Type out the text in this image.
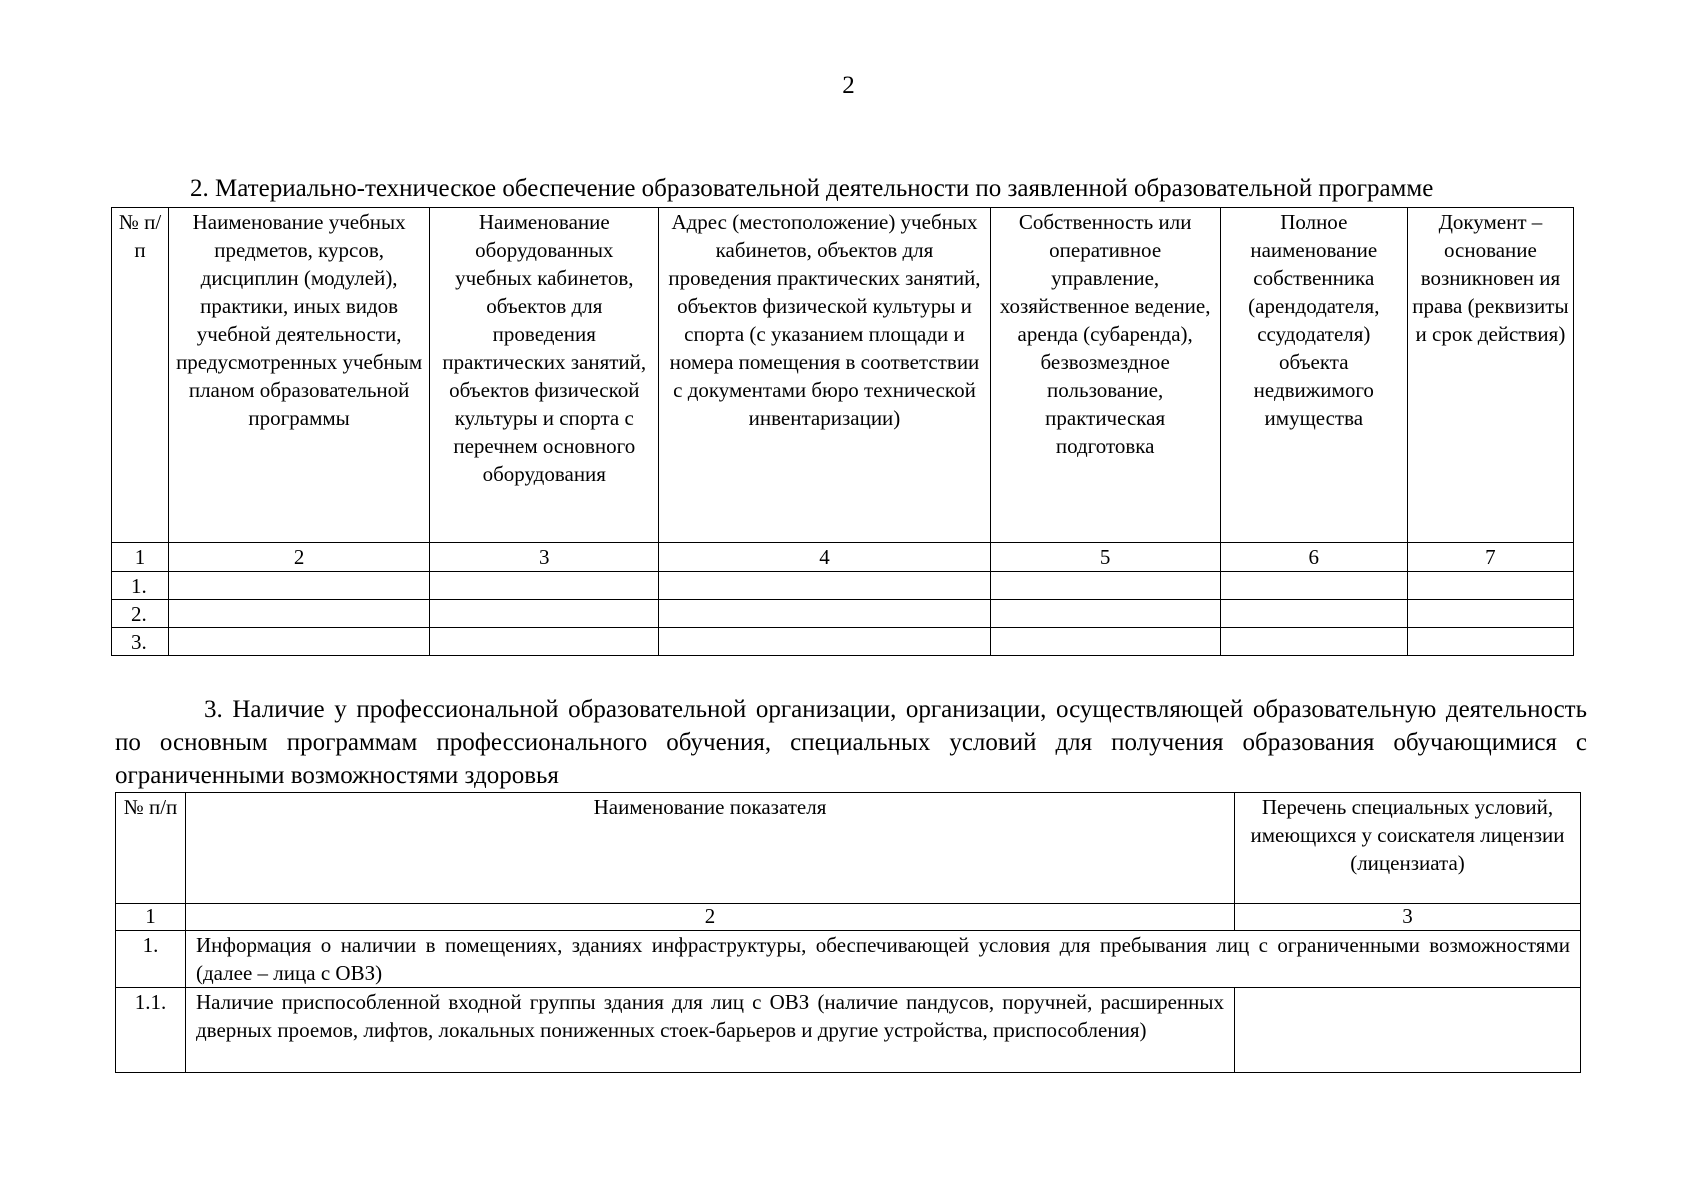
2
2. Материально-техническое обеспечение образовательной деятельности по заявленной образовательной программе
№ п/п	Наименование учебных предметов, курсов, дисциплин (модулей), практики, иных видов учебной деятельности, предусмотренных учебным планом образовательной программы	Наименование оборудованных учебных кабинетов, объектов для проведения практических занятий, объектов физической культуры и спорта с перечнем основного оборудования	Адрес (местоположение) учебных кабинетов, объектов для проведения практических занятий, объектов физической культуры и спорта (с указанием площади и номера помещения в соответствии с документами бюро технической инвентаризации)	Собственность или оперативное управление, хозяйственное ведение, аренда (субаренда), безвозмездное пользование, практическая подготовка	Полное наименование собственника (арендодателя, ссудодателя) объекта недвижимого имущества	Документ – основание возникновен ия права (реквизиты и срок действия)
1	2	3	4	5	6	7
1.						
2.						
3.						
3. Наличие у профессиональной образовательной организации, организации, осуществляющей образовательную деятельность по основным программам профессионального обучения, специальных условий для получения образования обучающимися с ограниченными возможностями здоровья
№ п/п	Наименование показателя	Перечень специальных условий, имеющихся у соискателя лицензии (лицензиата)
1	2	3
1.	Информация о наличии в помещениях, зданиях инфраструктуры, обеспечивающей условия для пребывания лиц с ограниченными возможностями (далее – лица с ОВЗ)	
1.1.	Наличие приспособленной входной группы здания для лиц с ОВЗ (наличие пандусов, поручней, расширенных дверных проемов, лифтов, локальных пониженных стоек-барьеров и другие устройства, приспособления)	
